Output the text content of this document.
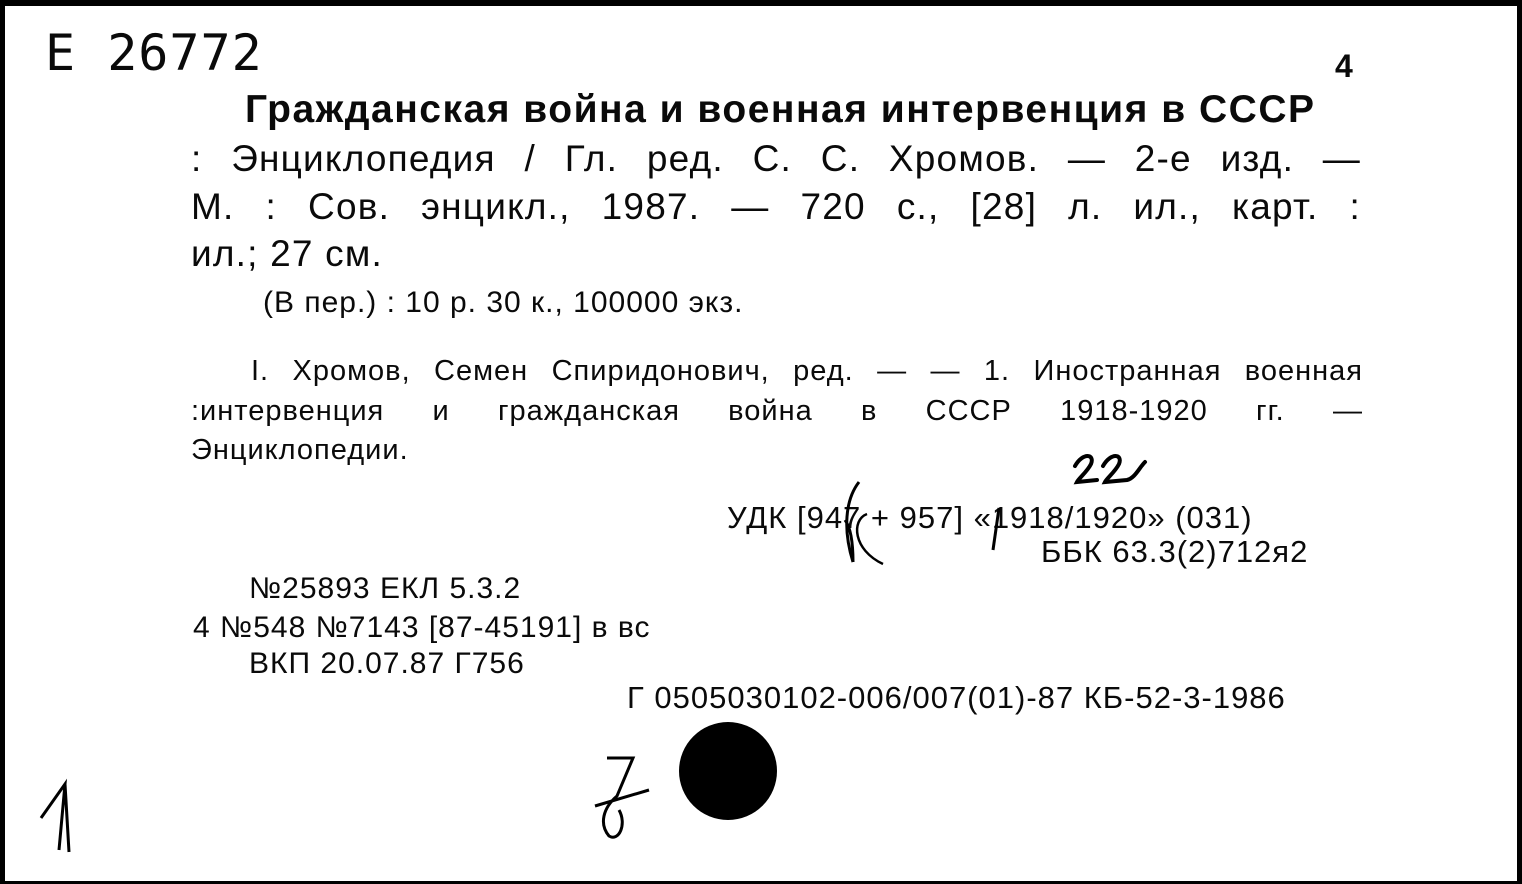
Е 26772	4
Гражданская война и военная интервенция в СССР
: Энциклопедия / Гл. ред. С. С. Хромов. — 2-е изд. —
М. : Сов. энцикл., 1987. — 720 с., [28] л. ил., карт. :
ил.; 27 см.
(В пер.) : 10 р. 30 к., 100000 экз.
I. Хромов, Семен Спиридонович, ред. — — 1. Иностранная военная
:интервенция и гражданская война в СССР 1918-1920 гг. —
Энциклопедии.
УДК [947 + 957] «1918/1920» (031)
ББК 63.3(2)712я2
№25893 ЕКЛ 5.3.2
4 №548 №7143 [87-45191] в вс
ВКП 20.07.87 Г756
Г 0505030102-006/007(01)-87 КБ-52-3-1986
